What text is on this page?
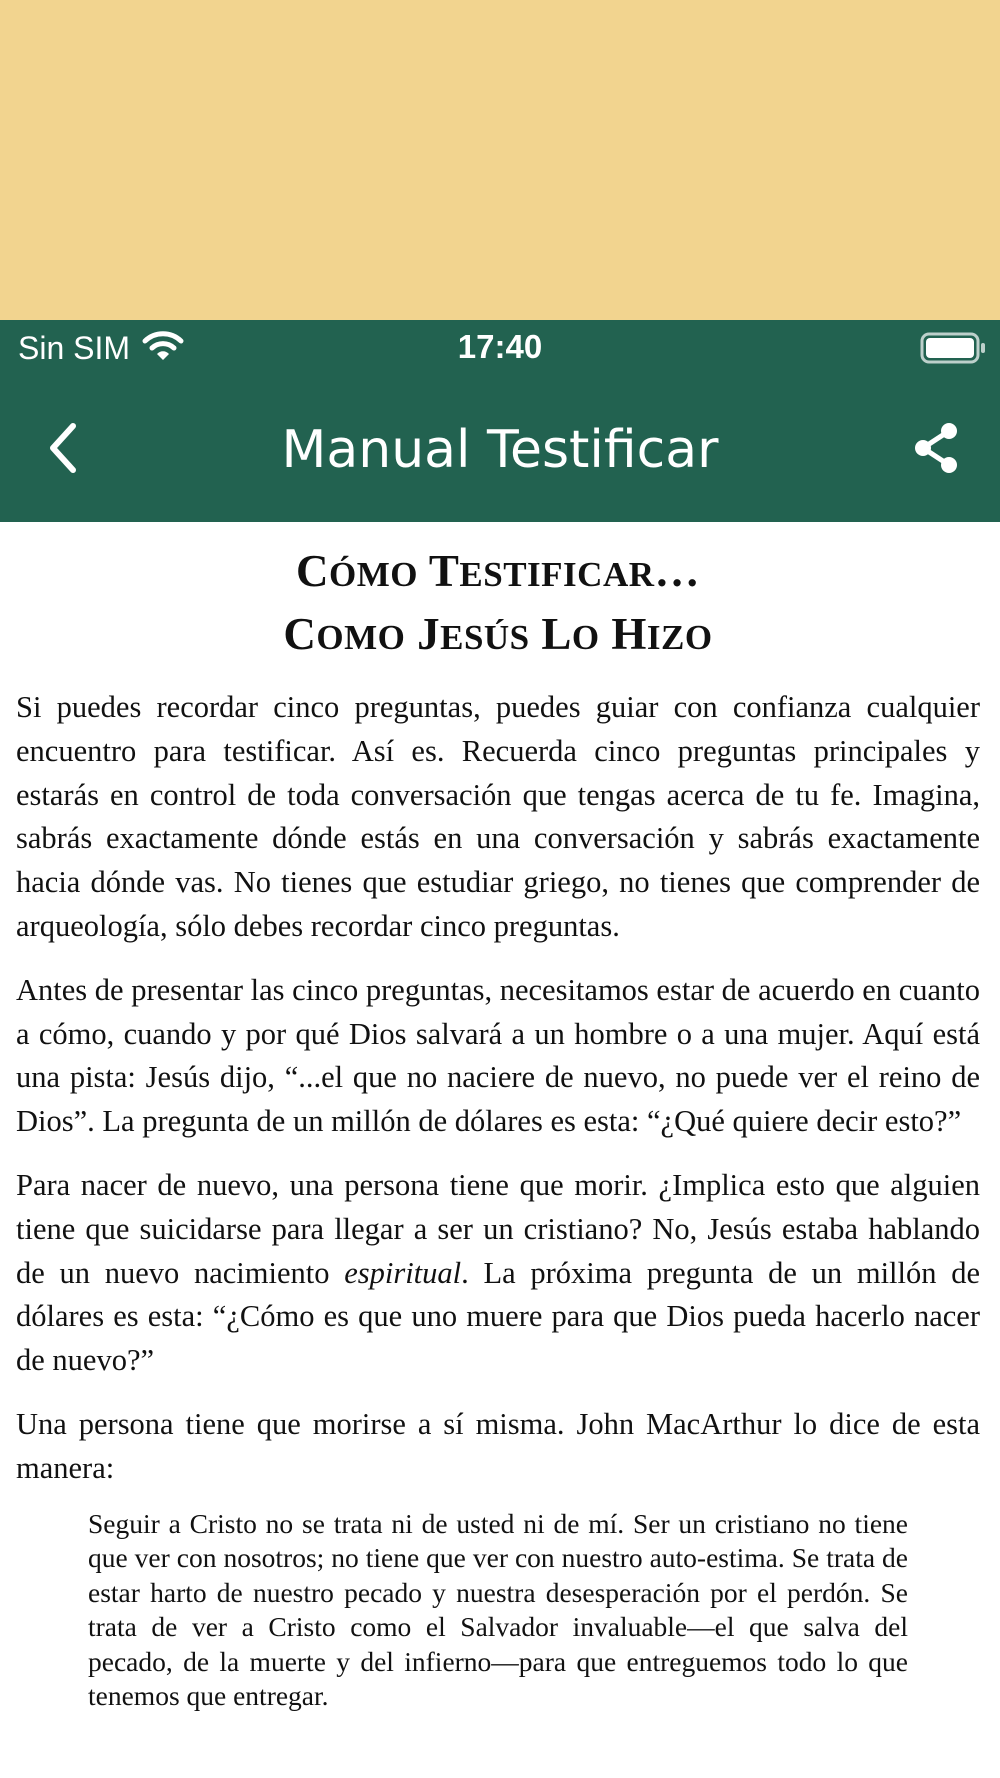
Sin SIM	17:40
Manual Testificar
CÓMO TESTIFICAR…
COMO JESÚS LO HIZO

Si puedes recordar cinco preguntas, puedes guiar con confianza cualquier encuentro para testificar. Así es. Recuerda cinco preguntas principales y estarás en control de toda conversación que tengas acerca de tu fe. Imagina, sabrás exactamente dónde estás en una conversación y sabrás exactamente hacia dónde vas. No tienes que estudiar griego, no tienes que comprender de arqueología, sólo debes recordar cinco preguntas.

Antes de presentar las cinco preguntas, necesitamos estar de acuerdo en cuanto a cómo, cuando y por qué Dios salvará a un hombre o a una mujer. Aquí está una pista: Jesús dijo, “...el que no naciere de nuevo, no puede ver el reino de Dios”. La pregunta de un millón de dólares es esta: “¿Qué quiere decir esto?”

Para nacer de nuevo, una persona tiene que morir. ¿Implica esto que alguien tiene que suicidarse para llegar a ser un cristiano? No, Jesús estaba hablando de un nuevo nacimiento espiritual. La próxima pregunta de un millón de dólares es esta: “¿Cómo es que uno muere para que Dios pueda hacerlo nacer de nuevo?”

Una persona tiene que morirse a sí misma. John MacArthur lo dice de esta manera:

Seguir a Cristo no se trata ni de usted ni de mí. Ser un cristiano no tiene que ver con nosotros; no tiene que ver con nuestro auto-estima. Se trata de estar harto de nuestro pecado y nuestra desesperación por el perdón. Se trata de ver a Cristo como el Salvador invaluable—el que salva del pecado, de la muerte y del infierno—para que entreguemos todo lo que tenemos que entregar.
